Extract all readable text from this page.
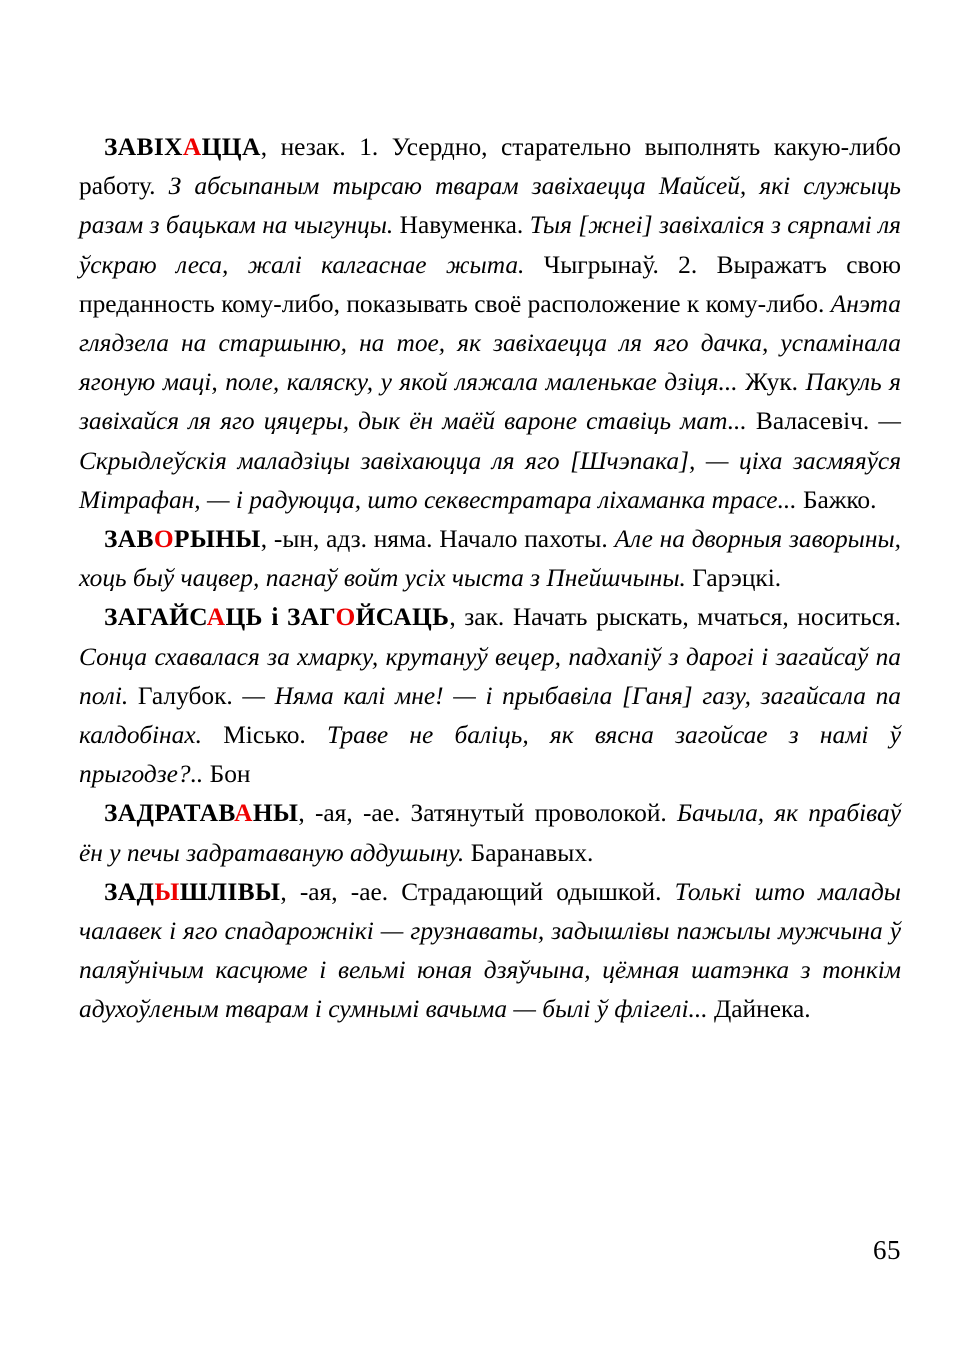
ЗАВІХАЦЦА, незак. 1. Усердно, старательно выполнять какую-либо работу. З абсыпаным тырсаю тварам завіхаецца Майсей, які служыць разам з бацькам на чыгунцы. Навуменка. Тыя [жнеі] завіхаліся з сярпамі ля ўскраю леса, жалі калгаснае жыта. Чыгрынаў. 2. Выражатъ свою преданность кому-либо, показывать своё расположение к кому-либо. Анэта глядзела на старшыню, на тое, як завіхаецца ля яго дачка, успамінала ягоную маці, поле, каляску, у якой ляжала маленькае дзіця... Жук. Пакуль я завіхайся ля яго цяцеры, дык ён маёй вароне ставіць мат... Валасевіч. — Скрыдлеўскія маладзіцы завіхаюцца ля яго [Шчэпака], — ціха засмяяўся Мітрафан, — і радуюцца, што секвестратара ліхаманка трасе... Бажко.

ЗАВОРЫНЫ, -ын, адз. няма. Начало пахоты. Але на дворныя заворыны, хоць быў чацвер, пагнаў войт усіх чыста з Пнейшчыны. Гарэцкі.

ЗАГАЙСАЦЬ і ЗАГОЙСАЦЬ, зак. Начать рыскать, мчаться, носиться. Сонца схавалася за хмарку, крутануў вецер, падхапіў з дарогі і загайсаў па полі. Галубок. — Няма калі мне! — і прыбавіла [Ганя] газу, загайсала па калдобінах. Місько. Траве не баліць, як вясна загойсае з намі ў прыгодзе?.. Бон

ЗАДРАТАВАНЫ, -ая, -ае. Затянутый проволокой. Бачыла, як прабіваў ён у печы задратаваную аддушыну. Баранавых.

ЗАДЫШЛІВЫ, -ая, -ае. Страдающий одышкой. Толькі што малады чалавек і яго спадарожнікі — грузнаваты, задышлівы пажылы мужчына ў паляўнічым касцюме і вельмі юная дзяўчына, цёмная шатэнка з тонкім адухоўленым тварам і сумнымі вачыма — былі ў флігелі... Дайнека.

65
